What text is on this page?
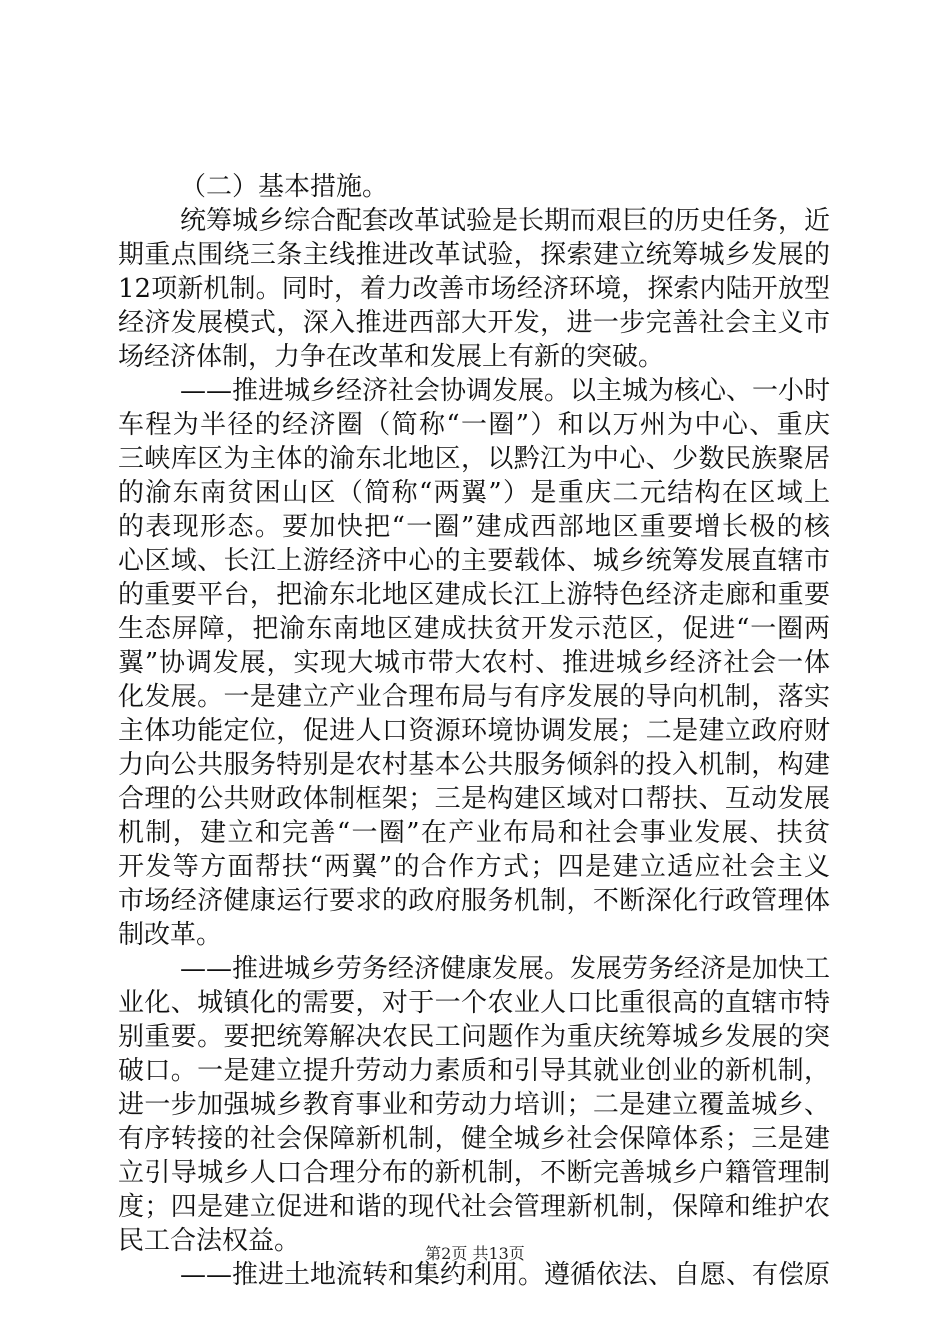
（二）基本措施。
统筹城乡综合配套改革试验是长期而艰巨的历史任务，近
期重点围绕三条主线推进改革试验，探索建立统筹城乡发展的
12项新机制。同时，着力改善市场经济环境，探索内陆开放型
经济发展模式，深入推进西部大开发，进一步完善社会主义市
场经济体制，力争在改革和发展上有新的突破。
——推进城乡经济社会协调发展。以主城为核心、一小时
车程为半径的经济圈（简称“一圈”）和以万州为中心、重庆
三峡库区为主体的渝东北地区，以黔江为中心、少数民族聚居
的渝东南贫困山区（简称“两翼”）是重庆二元结构在区域上
的表现形态。要加快把“一圈”建成西部地区重要增长极的核
心区域、长江上游经济中心的主要载体、城乡统筹发展直辖市
的重要平台，把渝东北地区建成长江上游特色经济走廊和重要
生态屏障，把渝东南地区建成扶贫开发示范区，促进“一圈两
翼”协调发展，实现大城市带大农村、推进城乡经济社会一体
化发展。一是建立产业合理布局与有序发展的导向机制，落实
主体功能定位，促进人口资源环境协调发展；二是建立政府财
力向公共服务特别是农村基本公共服务倾斜的投入机制，构建
合理的公共财政体制框架；三是构建区域对口帮扶、互动发展
机制，建立和完善“一圈”在产业布局和社会事业发展、扶贫
开发等方面帮扶“两翼”的合作方式；四是建立适应社会主义
市场经济健康运行要求的政府服务机制，不断深化行政管理体
制改革。
——推进城乡劳务经济健康发展。发展劳务经济是加快工
业化、城镇化的需要，对于一个农业人口比重很高的直辖市特
别重要。要把统筹解决农民工问题作为重庆统筹城乡发展的突
破口。一是建立提升劳动力素质和引导其就业创业的新机制，
进一步加强城乡教育事业和劳动力培训；二是建立覆盖城乡、
有序转接的社会保障新机制，健全城乡社会保障体系；三是建
立引导城乡人口合理分布的新机制，不断完善城乡户籍管理制
度；四是建立促进和谐的现代社会管理新机制，保障和维护农
民工合法权益。
——推进土地流转和集约利用。遵循依法、自愿、有偿原
第2页 共13页
